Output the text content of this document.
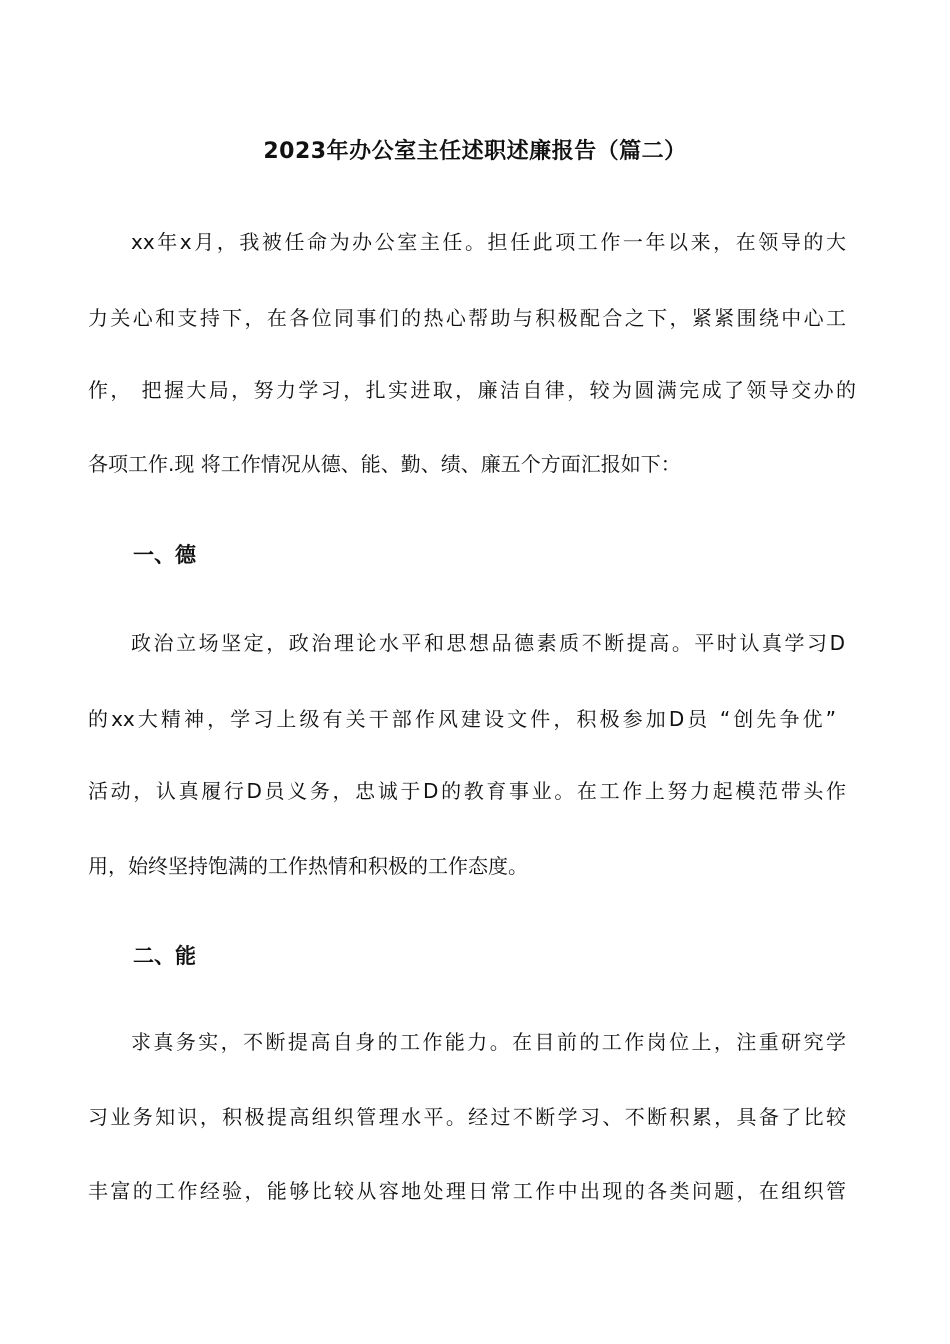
2023年办公室主任述职述廉报告（篇二）
xx年x月，我被任命为办公室主任。担任此项工作一年以来，在领导的大
力关心和支持下，在各位同事们的热心帮助与积极配合之下，紧紧围绕中心工
作， 把握大局，努力学习，扎实进取，廉洁自律，较为圆满完成了领导交办的
各项工作.现 将工作情况从德、能、勤、绩、廉五个方面汇报如下：
一、德
政治立场坚定，政治理论水平和思想品德素质不断提高。平时认真学习D
的xx大精神，学习上级有关干部作风建设文件，积极参加D员 “创先争优”
活动，认真履行D员义务，忠诚于D的教育事业。在工作上努力起模范带头作
用，始终坚持饱满的工作热情和积极的工作态度。
二、能
求真务实，不断提高自身的工作能力。在目前的工作岗位上，注重研究学
习业务知识，积极提高组织管理水平。经过不断学习、不断积累，具备了比较
丰富的工作经验，能够比较从容地处理日常工作中出现的各类问题，在组织管
